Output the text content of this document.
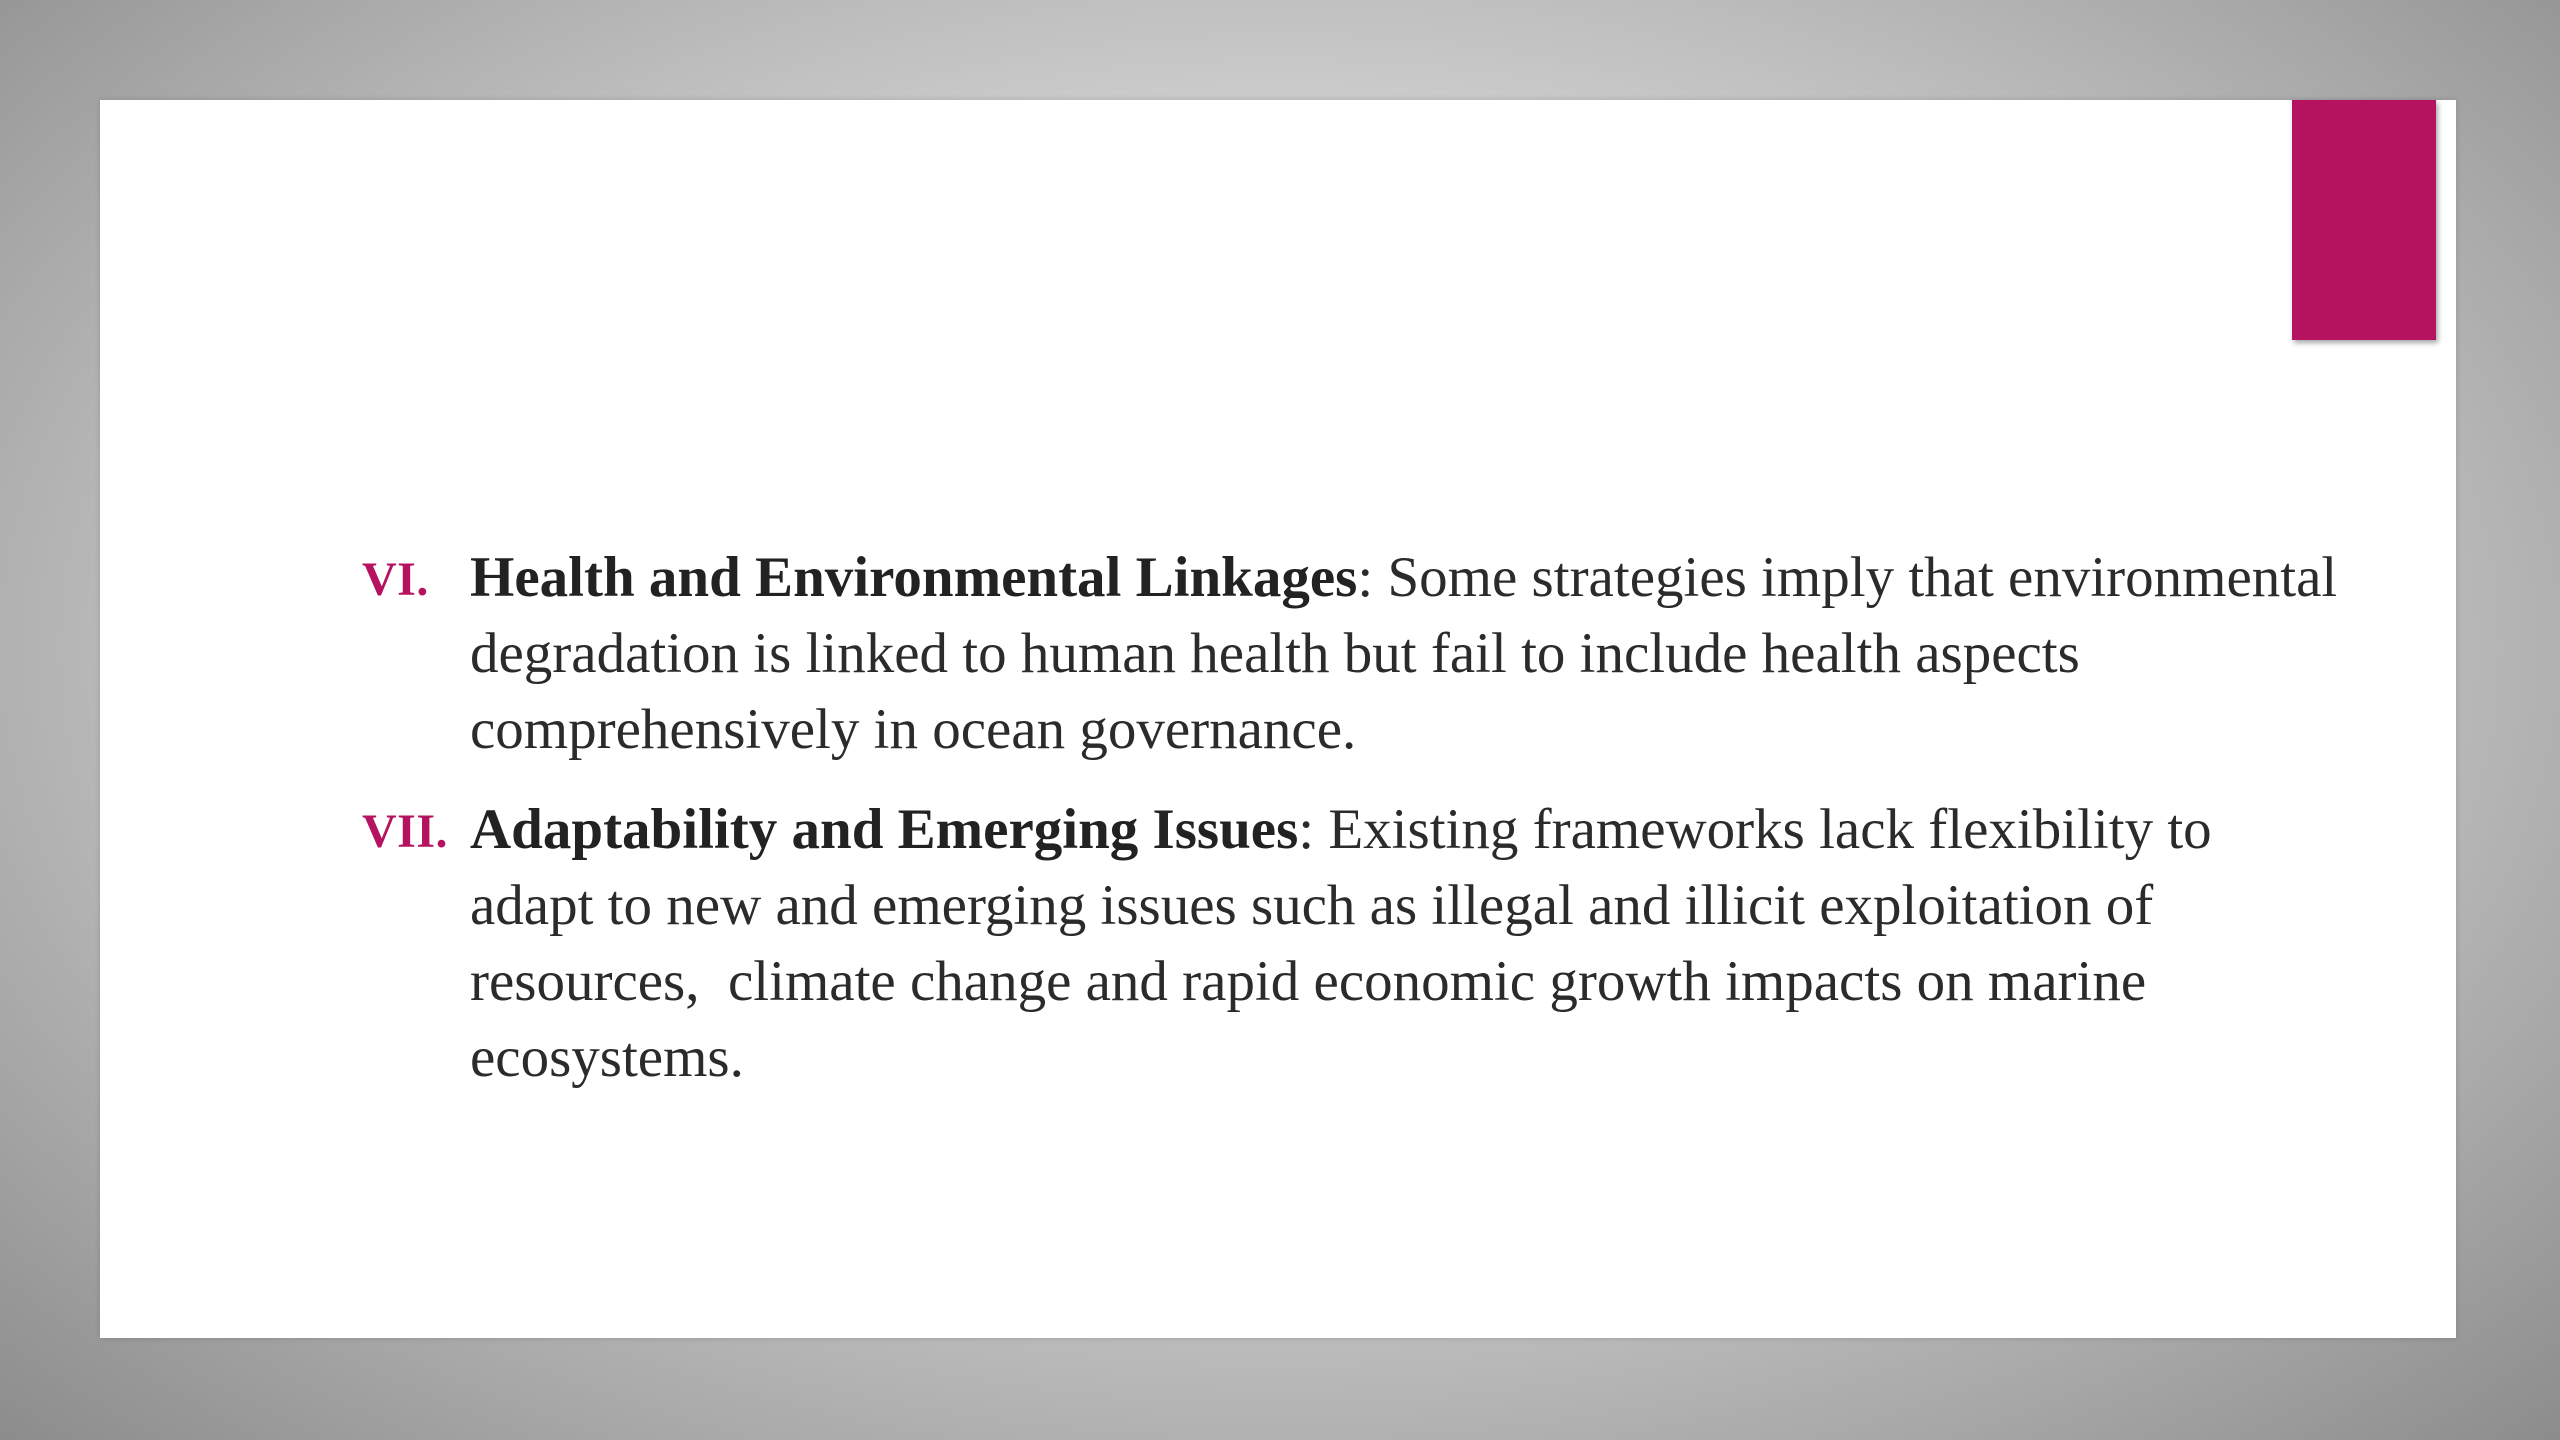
VI. Health and Environmental Linkages: Some strategies imply that environmental degradation is linked to human health but fail to include health aspects comprehensively in ocean governance.
VII. Adaptability and Emerging Issues: Existing frameworks lack flexibility to adapt to new and emerging issues such as illegal and illicit exploitation of resources,  climate change and rapid economic growth impacts on marine ecosystems.
